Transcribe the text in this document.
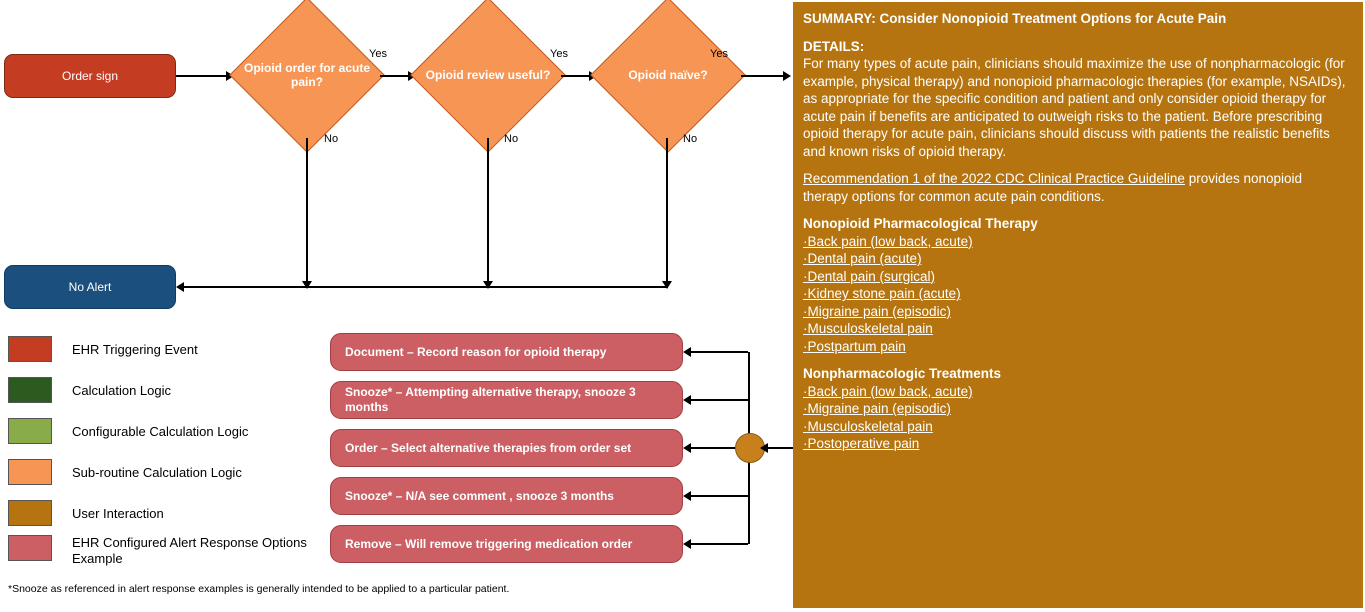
Order sign
Opioid order for acute pain?
Yes
No
Opioid review useful?
Yes
No
Opioid naïve?
Yes
No
No Alert
EHR Triggering Event
Calculation Logic
Configurable Calculation Logic
Sub-routine Calculation Logic
User Interaction
EHR Configured Alert Response Options Example
Document – Record reason for opioid therapy
Snooze* – Attempting alternative therapy, snooze 3 months
Order – Select alternative therapies from order set
Snooze* – N/A see comment , snooze 3 months
Remove – Will remove triggering medication order
*Snooze as referenced in alert response examples is generally intended to be applied to a particular patient.

SUMMARY: Consider Nonopioid Treatment Options for Acute Pain

DETAILS:

For many types of acute pain, clinicians should maximize the use of nonpharmacologic (for example, physical therapy) and nonopioid pharmacologic therapies (for example, NSAIDs), as appropriate for the specific condition and patient and only consider opioid therapy for acute pain if benefits are anticipated to outweigh risks to the patient. Before prescribing opioid therapy for acute pain, clinicians should discuss with patients the realistic benefits and known risks of opioid therapy.

Recommendation 1 of the 2022 CDC Clinical Practice Guideline provides nonopioid therapy options for common acute pain conditions.

Nonopioid Pharmacological Therapy

·Back pain (low back, acute)
·Dental pain (acute)
·Dental pain (surgical)
·Kidney stone pain (acute)
·Migraine pain (episodic)
·Musculoskeletal pain
·Postpartum pain

Nonpharmacologic Treatments

·Back pain (low back, acute)
·Migraine pain (episodic)
·Musculoskeletal pain
·Postoperative pain
